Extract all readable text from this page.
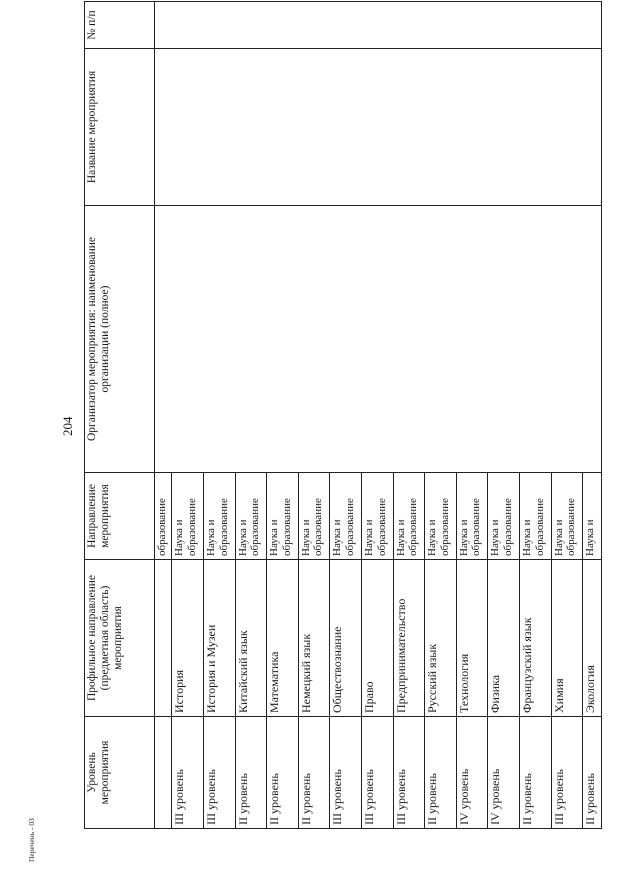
204
Уровень мероприятия	Профильное направление (предметная область) мероприятия	Направление мероприятия	Организатор мероприятия: наименование организации (полное)	Название мероприятия	№ п/п
		образование			
III уровень	История	Наука и образование			
III уровень	История и Музеи	Наука и образование			
II уровень	Китайский язык	Наука и образование			
II уровень	Математика	Наука и образование			
II уровень	Немецкий язык	Наука и образование			
III уровень	Обществознание	Наука и образование			
III уровень	Право	Наука и образование			
III уровень	Предпринимательство	Наука и образование			
II уровень	Русский язык	Наука и образование			
IV уровень	Технология	Наука и образование			
IV уровень	Физика	Наука и образование			
II уровень	Французский язык	Наука и образование			
III уровень	Химия	Наука и образование			
II уровень	Экология	Наука и			
Перечень - 03
